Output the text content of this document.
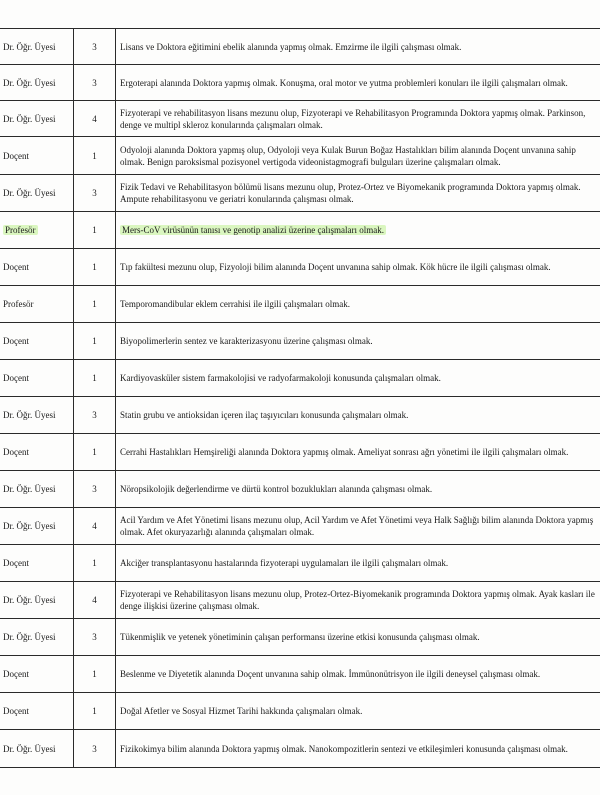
Dr. Öğr. Üyesi	3	Lisans ve Doktora eğitimini ebelik alanında yapmış olmak. Emzirme ile ilgili çalışması olmak.
Dr. Öğr. Üyesi	3	Ergoterapi alanında Doktora yapmış olmak. Konuşma, oral motor ve yutma problemleri konuları ile ilgili çalışmaları olmak.
Dr. Öğr. Üyesi	4	Fizyoterapi ve rehabilitasyon lisans mezunu olup, Fizyoterapi ve Rehabilitasyon Programında Doktora yapmış olmak. Parkinson, denge ve multipl skleroz konularında çalışmaları olmak.
Doçent	1	Odyoloji alanında Doktora yapmış olup, Odyoloji veya Kulak Burun Boğaz Hastalıkları bilim alanında Doçent unvanına sahip olmak. Benign paroksismal pozisyonel vertigoda videonistagmografi bulguları üzerine çalışmaları olmak.
Dr. Öğr. Üyesi	3	Fizik Tedavi ve Rehabilitasyon bölümü lisans mezunu olup, Protez-Ortez ve Biyomekanik programında Doktora yapmış olmak. Ampute rehabilitasyonu ve geriatri konularında çalışması olmak.
Profesör	1	Mers-CoV virüsünün tanısı ve genotip analizi üzerine çalışmaları olmak.
Doçent	1	Tıp fakültesi mezunu olup, Fizyoloji bilim alanında Doçent unvanına sahip olmak. Kök hücre ile ilgili çalışması olmak.
Profesör	1	Temporomandibular eklem cerrahisi ile ilgili çalışmaları olmak.
Doçent	1	Biyopolimerlerin sentez ve karakterizasyonu üzerine çalışması olmak.
Doçent	1	Kardiyovasküler sistem farmakolojisi ve radyofarmakoloji konusunda çalışmaları olmak.
Dr. Öğr. Üyesi	3	Statin grubu ve antioksidan içeren ilaç taşıyıcıları konusunda çalışmaları olmak.
Doçent	1	Cerrahi Hastalıkları Hemşireliği alanında Doktora yapmış olmak. Ameliyat sonrası ağrı yönetimi ile ilgili çalışmaları olmak.
Dr. Öğr. Üyesi	3	Nöropsikolojik değerlendirme ve dürtü kontrol bozuklukları alanında çalışması olmak.
Dr. Öğr. Üyesi	4	Acil Yardım ve Afet Yönetimi lisans mezunu olup, Acil Yardım ve Afet Yönetimi veya Halk Sağlığı bilim alanında Doktora yapmış olmak. Afet okuryazarlığı alanında çalışmaları olmak.
Doçent	1	Akciğer transplantasyonu hastalarında fizyoterapi uygulamaları ile ilgili çalışmaları olmak.
Dr. Öğr. Üyesi	4	Fizyoterapi ve Rehabilitasyon lisans mezunu olup, Protez-Ortez-Biyomekanik programında Doktora yapmış olmak. Ayak kasları ile denge ilişkisi üzerine çalışması olmak.
Dr. Öğr. Üyesi	3	Tükenmişlik ve yetenek yönetiminin çalışan performansı üzerine etkisi konusunda çalışması olmak.
Doçent	1	Beslenme ve Diyetetik alanında Doçent unvanına sahip olmak. İmmünonütrisyon ile ilgili deneysel çalışması olmak.
Doçent	1	Doğal Afetler ve Sosyal Hizmet Tarihi hakkında çalışmaları olmak.
Dr. Öğr. Üyesi	3	Fizikokimya bilim alanında Doktora yapmış olmak. Nanokompozitlerin sentezi ve etkileşimleri konusunda çalışması olmak.
